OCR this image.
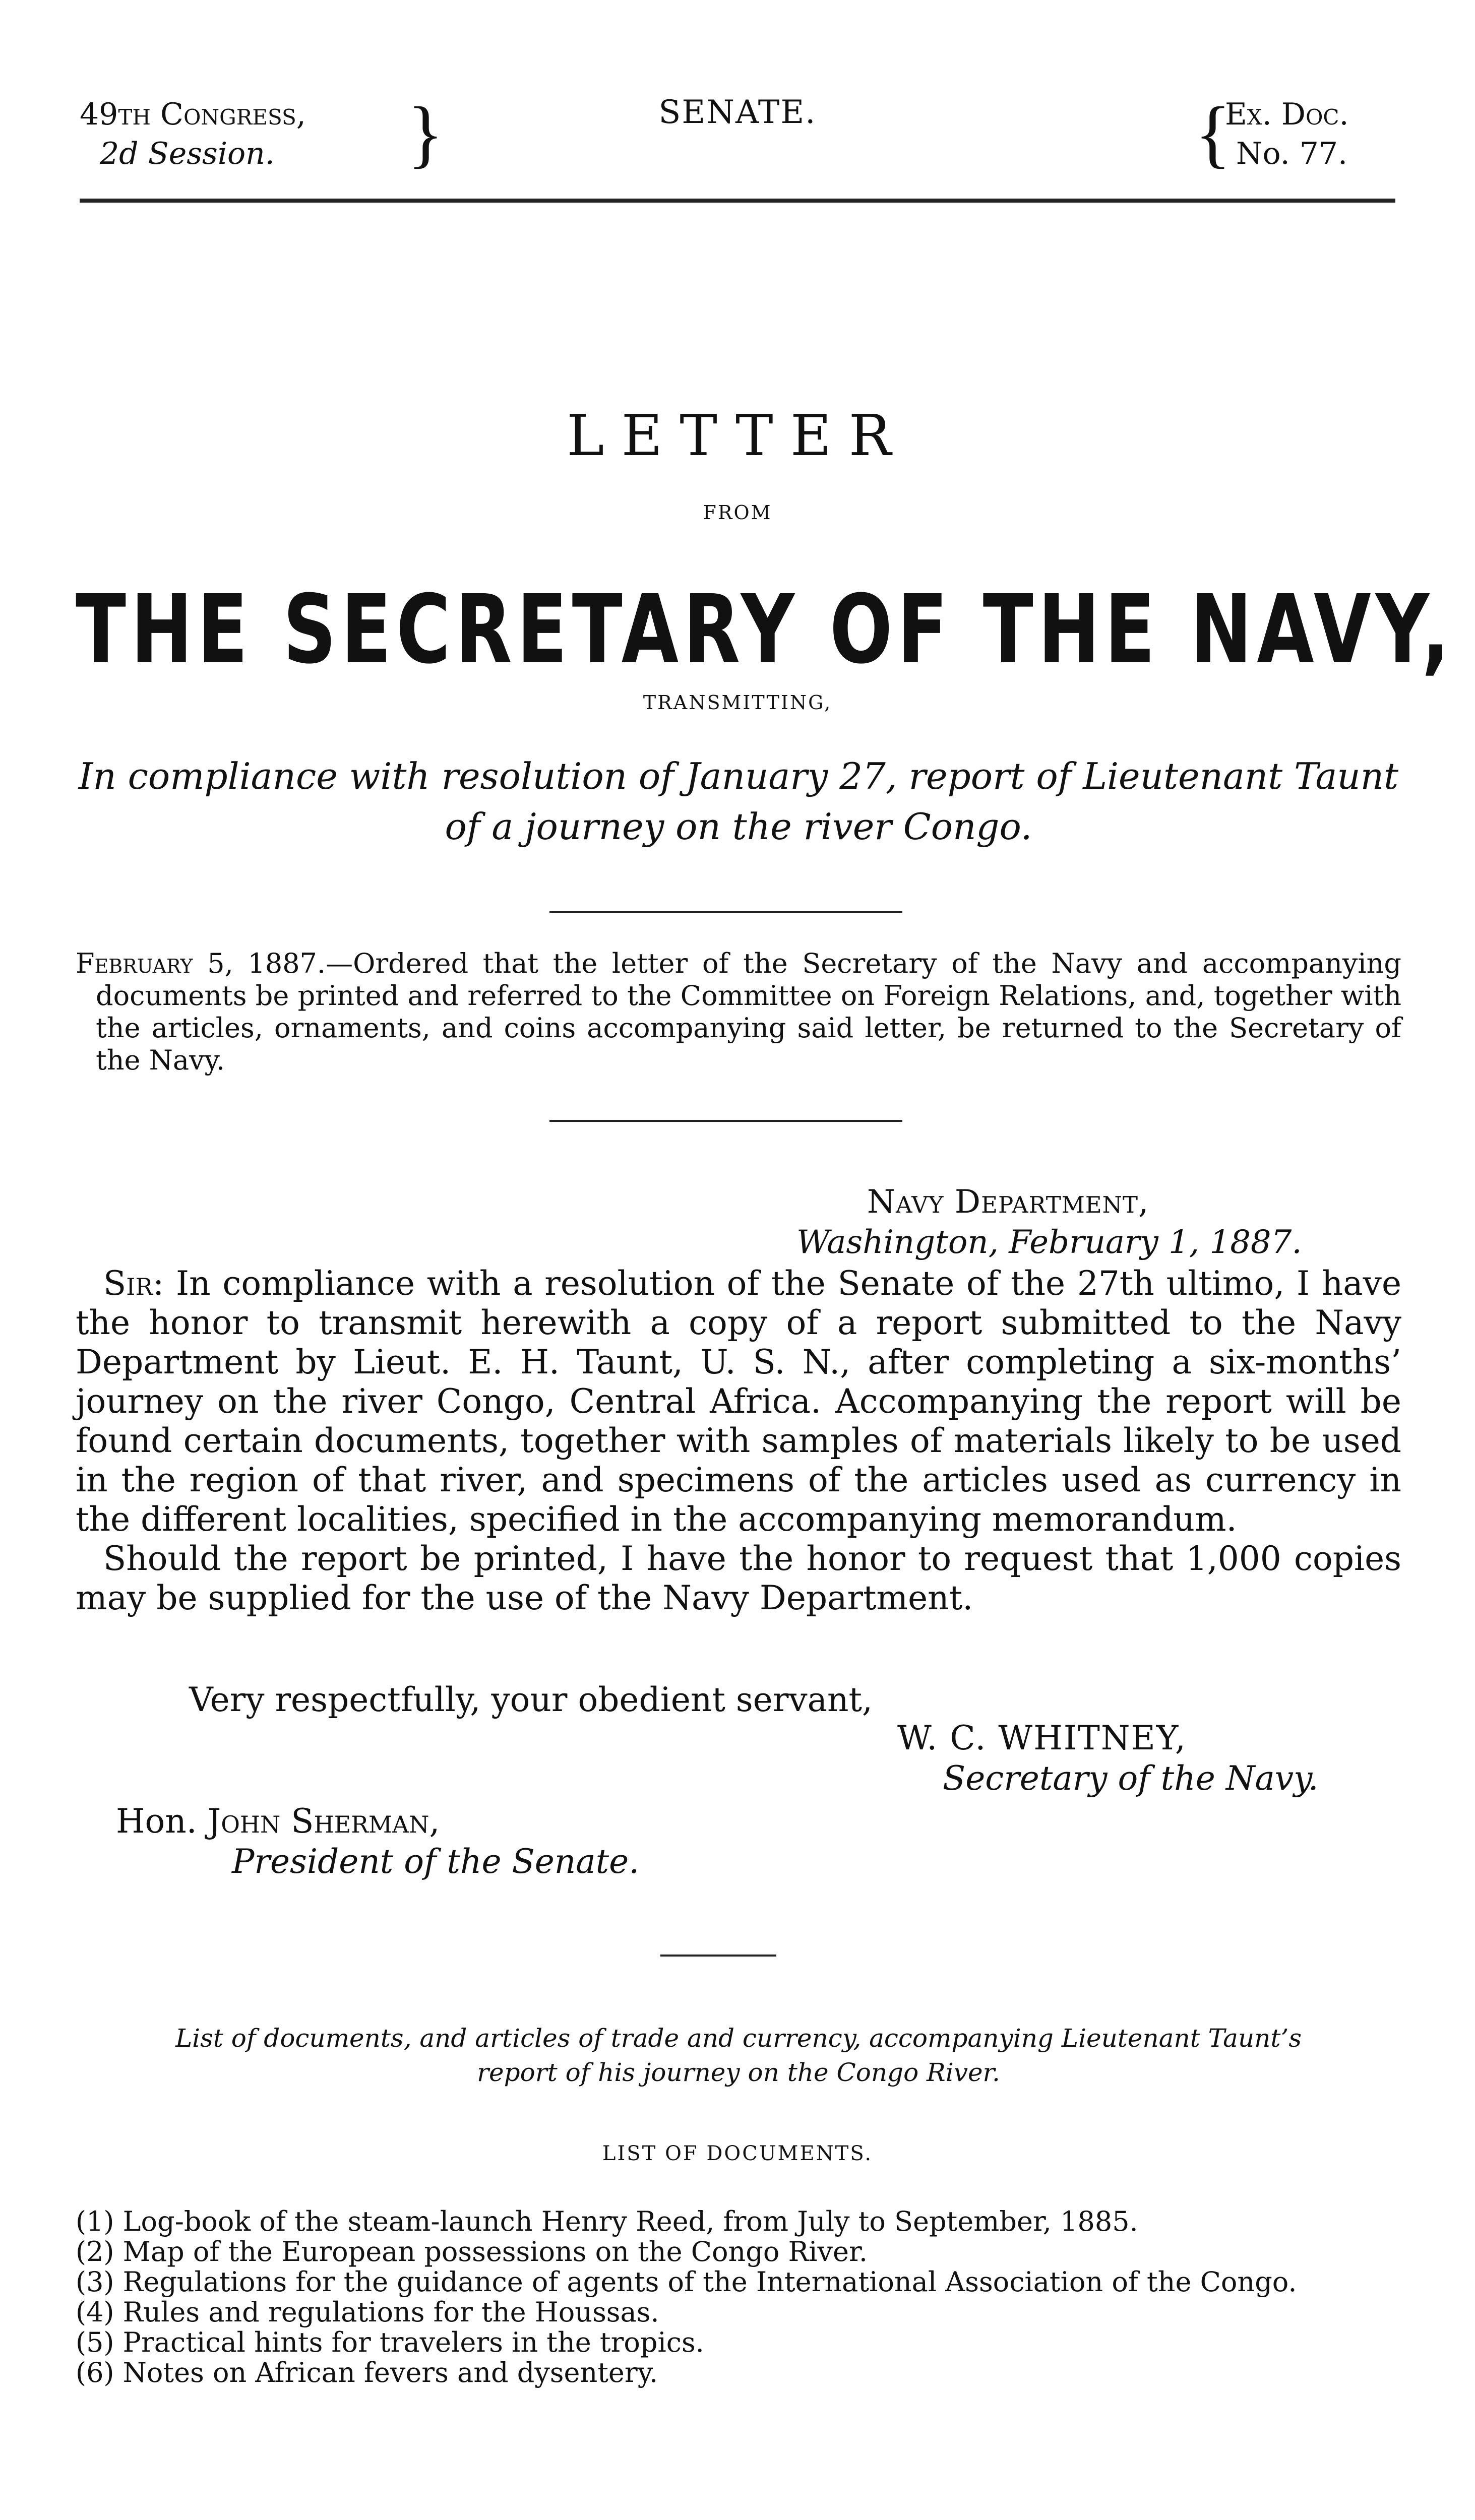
49th Congress,
2d Session.	}	SENATE.	{
Ex. Doc.
No. 77.
LETTER
FROM
THE SECRETARY OF THE NAVY,
TRANSMITTING,
In compliance with resolution of January 27, report of Lieutenant Taunt
of a journey on the river Congo.

February 5, 1887.—Ordered that the letter of the Secretary of the Navy and accompanying documents be printed and referred to the Committee on Foreign Relations, and, together with the articles, ornaments, and coins accompanying said letter, be returned to the Secretary of the Navy.

Navy Department,
Washington, February 1, 1887.

Sir: In compliance with a resolution of the Senate of the 27th ultimo, I have the honor to transmit herewith a copy of a report submitted to the Navy Department by Lieut. E. H. Taunt, U. S. N., after completing a six-months’ journey on the river Congo, Central Africa. Accompanying the report will be found certain documents, together with samples of materials likely to be used in the region of that river, and specimens of the articles used as currency in the different localities, specified in the accompanying memorandum.

Should the report be printed, I have the honor to request that 1,000 copies may be supplied for the use of the Navy Department.

Very respectfully, your obedient servant,
W. C. WHITNEY,
Secretary of the Navy.
Hon. John Sherman,
President of the Senate.
List of documents, and articles of trade and currency, accompanying Lieutenant Taunt’s
report of his journey on the Congo River.
LIST OF DOCUMENTS.
(1) Log-book of the steam-launch Henry Reed, from July to September, 1885.
(2) Map of the European possessions on the Congo River.
(3) Regulations for the guidance of agents of the International Association of the Congo.
(4) Rules and regulations for the Houssas.
(5) Practical hints for travelers in the tropics.
(6) Notes on African fevers and dysentery.
